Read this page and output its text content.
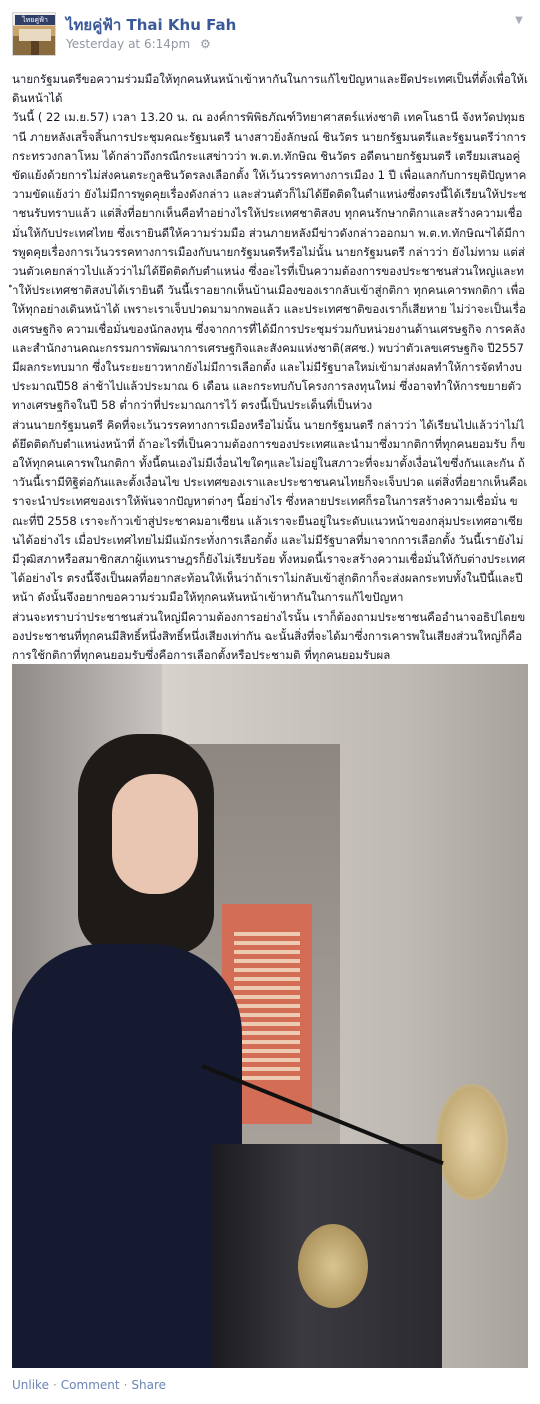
ไทยคู่ฟ้า	ไทยคู่ฟ้า Thai Khu Fah
Yesterday at 6:14pm ⚙
▼

นายกรัฐมนตรีขอความร่วมมือให้ทุกคนหันหน้าเข้าหากันในการแก้ไขปัญหาและยึดประเทศเป็นที่ตั้งเพื่อให้เดินหน้าได้

วันนี้ ( 22 เม.ย.57) เวลา 13.20 น. ณ องค์การพิพิธภัณฑ์วิทยาศาสตร์แห่งชาติ เทคโนธานี จังหวัดปทุมธานี ภายหลังเสร็จสิ้นการประชุมคณะรัฐมนตรี นางสาวยิ่งลักษณ์ ชินวัตร นายกรัฐมนตรีและรัฐมนตรีว่าการกระทรวงกลาโหม ได้กล่าวถึงกรณีกระแสข่าวว่า พ.ต.ท.ทักษิณ ชินวัตร อดีตนายกรัฐมนตรี เตรียมเสนอคู่ขัดแย้งด้วยการไม่ส่งคนตระกูลชินวัตรลงเลือกตั้ง ให้เว้นวรรคทางการเมือง 1 ปี เพื่อแลกกับการยุติปัญหาความขัดแย้งว่า ยังไม่มีการพูดคุยเรื่องดังกล่าว และส่วนตัวก็ไม่ได้ยึดติดในตำแหน่งซึ่งตรงนี้ได้เรียนให้ประชาชนรับทราบแล้ว แต่สิ่งที่อยากเห็นคือทำอย่างไรให้ประเทศชาติสงบ ทุกคนรักษากติกาและสร้างความเชื่อมั่นให้กับประเทศไทย ซึ่งเรายินดีให้ความร่วมมือ ส่วนภายหลังมีข่าวดังกล่าวออกมา พ.ต.ท.ทักษิณฯได้มีการพูดคุยเรื่องการเว้นวรรคทางการเมืองกับนายกรัฐมนตรีหรือไม่นั้น นายกรัฐมนตรี กล่าวว่า ยังไม่ทาม แต่ส่วนตัวเคยกล่าวไปแล้วว่าไม่ได้ยึดติดกับตำแหน่ง ซึ่งอะไรที่เป็นความต้องการของประชาชนส่วนใหญ่และทำให้ประเทศชาติสงบได้เรายินดี วันนี้เราอยากเห็นบ้านเมืองของเรากลับเข้าสู่กติกา ทุกคนเคารพกติกา เพื่อให้ทุกอย่างเดินหน้าได้ เพราะเราเจ็บปวดมามากพอแล้ว และประเทศชาติของเราก็เสียหาย ไม่ว่าจะเป็นเรื่องเศรษฐกิจ ความเชื่อมั่นของนักลงทุน ซึ่งจากการที่ได้มีการประชุมร่วมกับหน่วยงานด้านเศรษฐกิจ การคลัง และสำนักงานคณะกรรมการพัฒนาการเศรษฐกิจและสังคมแห่งชาติ(สศช.) พบว่าตัวเลขเศรษฐกิจ ปี2557 มีผลกระทบมาก ซึ่งในระยะยาวหากยังไม่มีการเลือกตั้ง และไม่มีรัฐบาลใหม่เข้ามาส่งผลทำให้การจัดทำงบประมาณปี58 ล่าช้าไปแล้วประมาณ 6 เดือน และกระทบกับโครงการลงทุนใหม่ ซึ่งอาจทำให้การขยายตัวทางเศรษฐกิจในปี 58 ต่ำกว่าที่ประมาณการไว้ ตรงนี้เป็นประเด็นที่เป็นห่วง

ส่วนนายกรัฐมนตรี คิดที่จะเว้นวรรคทางการเมืองหรือไม่นั้น นายกรัฐมนตรี กล่าวว่า ได้เรียนไปแล้วว่าไม่ได้ยึดติดกับตำแหน่งหน้าที่ ถ้าอะไรที่เป็นความต้องการของประเทศและนำมาซึ่งมากติกาที่ทุกคนยอมรับ ก็ขอให้ทุกคนเคารพในกติกา ทั้งนี้ตนเองไม่มีเงื่อนไขใดๆและไม่อยู่ในสภาวะที่จะมาตั้งเงื่อนไขซึ่งกันและกัน ถ้าวันนี้เรามีทิฐิต่อกันและตั้งเงื่อนไข ประเทศของเราและประชาชนคนไทยก็จะเจ็บปวด แต่สิ่งที่อยากเห็นคือเราจะนำประเทศของเราให้พ้นจากปัญหาต่างๆ นี้อย่างไร ซึ่งหลายประเทศก็รอในการสร้างความเชื่อมั่น ขณะที่ปี 2558 เราจะก้าวเข้าสู่ประชาคมอาเซียน แล้วเราจะยืนอยู่ในระดับแนวหน้าของกลุ่มประเทศอาเซียนได้อย่างไร เมื่อประเทศไทยไม่มีแม้กระทั่งการเลือกตั้ง และไม่มีรัฐบาลที่มาจากการเลือกตั้ง วันนี้เรายังไม่มีวุฒิสภาหรือสมาชิกสภาผู้แทนราษฎรก็ยังไม่เรียบร้อย ทั้งหมดนี้เราจะสร้างความเชื่อมั่นให้กับต่างประเทศได้อย่างไร ตรงนี้จึงเป็นผลที่อยากสะท้อนให้เห็นว่าถ้าเราไม่กลับเข้าสู่กติกาก็จะส่งผลกระทบทั้งในปีนี้และปีหน้า ดังนั้นจึงอยากขอความร่วมมือให้ทุกคนหันหน้าเข้าหากันในการแก้ไขปัญหา

ส่วนจะทราบว่าประชาชนส่วนใหญ่มีความต้องการอย่างไรนั้น เราก็ต้องถามประชาชนคืออำนาจอธิปไตยของประชาชนที่ทุกคนมีสิทธิ์หนึ่งสิทธิ์หนึ่งเสียงเท่ากัน ฉะนั้นสิ่งที่จะได้มาซึ่งการเคารพในเสียงส่วนใหญ่ก็คือการใช้กติกาที่ทุกคนยอมรับซึ่งคือการเลือกตั้งหรือประชามติ ที่ทุกคนยอมรับผล

Unlike · Comment · Share
